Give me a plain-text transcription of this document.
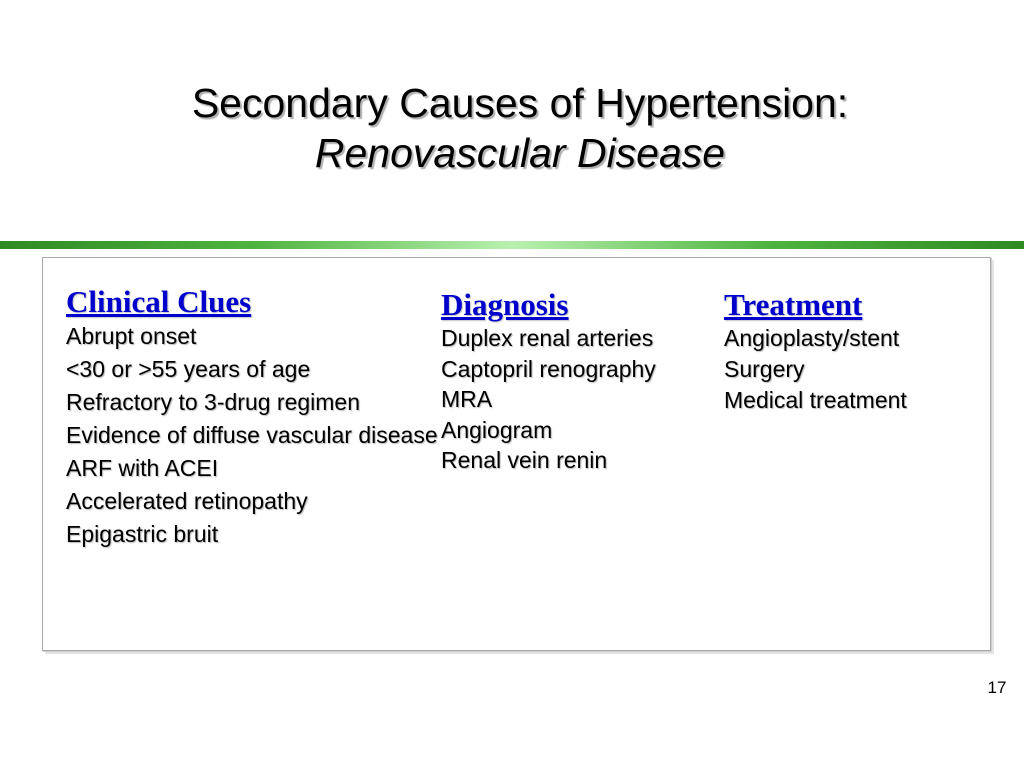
Secondary Causes of Hypertension:
Renovascular Disease
Clinical Clues
Abrupt onset
<30 or >55 years of age
Refractory to 3-drug regimen
Evidence of diffuse vascular disease
ARF with ACEI
Accelerated retinopathy
Epigastric bruit
Diagnosis
Duplex renal arteries
Captopril renography
MRA
Angiogram
Renal vein renin
Treatment
Angioplasty/stent
Surgery
Medical treatment
17
